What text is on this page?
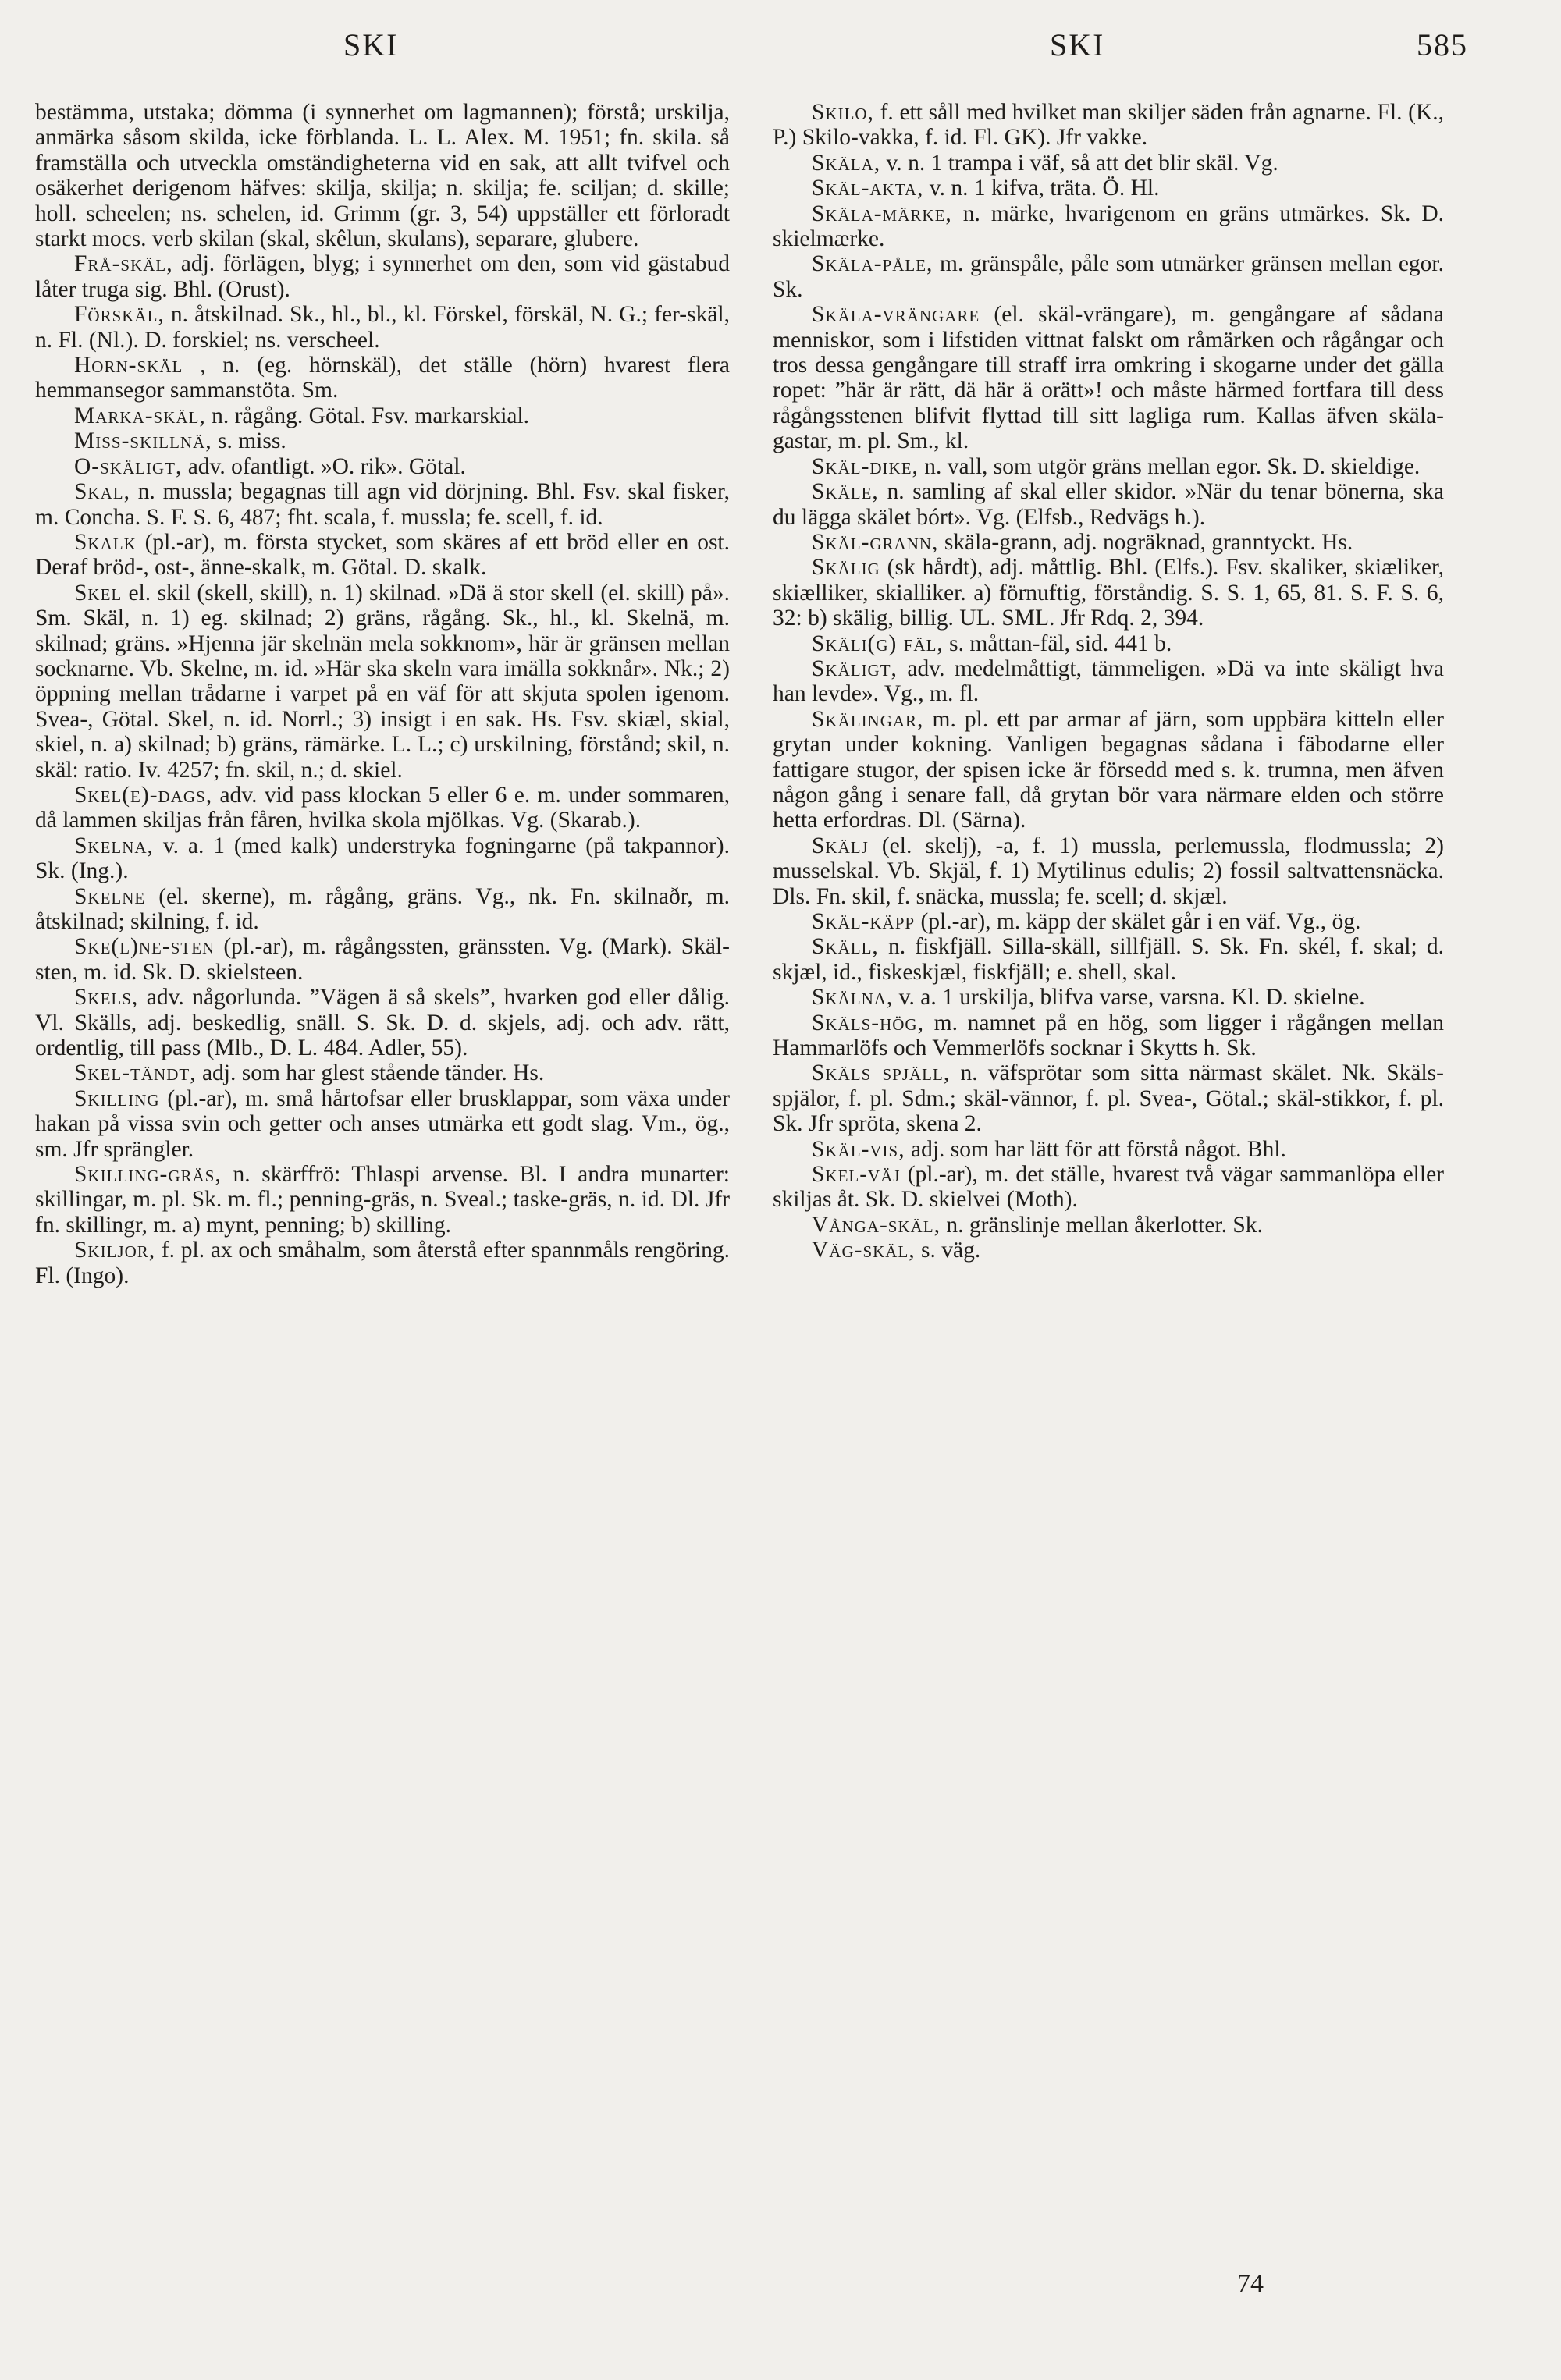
SKI	SKI	585

bestämma, utstaka; dömma (i synnerhet om lagmannen); förstå; urskilja, anmärka såsom skilda, icke förblanda. L. L. Alex. M. 1951; fn. skila. så framställa och utveckla omständigheterna vid en sak, att allt tvifvel och osäkerhet derigenom häfves: skilja, skilja; n. skilja; fe. sciljan; d. skille; holl. scheelen; ns. schelen, id. Grimm (gr. 3, 54) uppställer ett förloradt starkt mocs. verb skilan (skal, skêlun, skulans), separare, glubere.

Frå-skäl, adj. förlägen, blyg; i synnerhet om den, som vid gästabud låter truga sig. Bhl. (Orust).

Förskäl, n. åtskilnad. Sk., hl., bl., kl. Förskel, förskäl, N. G.; fer-skäl, n. Fl. (Nl.). D. forskiel; ns. verscheel.

Horn-skäl , n. (eg. hörnskäl), det ställe (hörn) hvarest flera hemmansegor sammanstöta. Sm.

Marka-skäl, n. rågång. Götal. Fsv. markarskial.

Miss-skillnä, s. miss.

O-skäligt, adv. ofantligt. »O. rik». Götal.

Skal, n. mussla; begagnas till agn vid dörjning. Bhl. Fsv. skal fisker, m. Concha. S. F. S. 6, 487; fht. scala, f. mussla; fe. scell, f. id.

Skalk (pl.-ar), m. första stycket, som skäres af ett bröd eller en ost. Deraf bröd-, ost-, änne-skalk, m. Götal. D. skalk.

Skel el. skil (skell, skill), n. 1) skilnad. »Dä ä stor skell (el. skill) på». Sm. Skäl, n. 1) eg. skilnad; 2) gräns, rågång. Sk., hl., kl. Skelnä, m. skilnad; gräns. »Hjenna jär skelnän mela sokknom», här är gränsen mellan socknarne. Vb. Skelne, m. id. »Här ska skeln vara imälla sokknår». Nk.; 2) öppning mellan trådarne i varpet på en väf för att skjuta spolen igenom. Svea-, Götal. Skel, n. id. Norrl.; 3) insigt i en sak. Hs. Fsv. skiæl, skial, skiel, n. a) skilnad; b) gräns, rämärke. L. L.; c) urskilning, förstånd; skil, n. skäl: ratio. Iv. 4257; fn. skil, n.; d. skiel.

Skel(e)-dags, adv. vid pass klockan 5 eller 6 e. m. under sommaren, då lammen skiljas från fåren, hvilka skola mjölkas. Vg. (Skarab.).

Skelna, v. a. 1 (med kalk) understryka fogningarne (på takpannor). Sk. (Ing.).

Skelne (el. skerne), m. rågång, gräns. Vg., nk. Fn. skilnaðr, m. åtskilnad; skilning, f. id.

Ske(l)ne-sten (pl.-ar), m. rågångssten, gränssten. Vg. (Mark). Skäl-sten, m. id. Sk. D. skielsteen.

Skels, adv. någorlunda. ”Vägen ä så skels”, hvarken god eller dålig. Vl. Skälls, adj. beskedlig, snäll. S. Sk. D. d. skjels, adj. och adv. rätt, ordentlig, till pass (Mlb., D. L. 484. Adler, 55).

Skel-tändt, adj. som har glest stående tänder. Hs.

Skilling (pl.-ar), m. små hårtofsar eller brusklappar, som växa under hakan på vissa svin och getter och anses utmärka ett godt slag. Vm., ög., sm. Jfr sprängler.

Skilling-gräs, n. skärffrö: Thlaspi arvense. Bl. I andra munarter: skillingar, m. pl. Sk. m. fl.; penning-gräs, n. Sveal.; taske-gräs, n. id. Dl. Jfr fn. skillingr, m. a) mynt, penning; b) skilling.

Skiljor, f. pl. ax och småhalm, som återstå efter spannmåls rengöring. Fl. (Ingo).

Skilo, f. ett såll med hvilket man skiljer säden från agnarne. Fl. (K., P.) Skilo-vakka, f. id. Fl. GK). Jfr vakke.

Skäla, v. n. 1 trampa i väf, så att det blir skäl. Vg.

Skäl-akta, v. n. 1 kifva, träta. Ö. Hl.

Skäla-märke, n. märke, hvarigenom en gräns utmärkes. Sk. D. skielmærke.

Skäla-påle, m. gränspåle, påle som utmärker gränsen mellan egor. Sk.

Skäla-vrängare (el. skäl-vrängare), m. gengångare af sådana menniskor, som i lifstiden vittnat falskt om råmärken och rågångar och tros dessa gengångare till straff irra omkring i skogarne under det gälla ropet: ”här är rätt, dä här ä orätt»! och måste härmed fortfara till dess rågångsstenen blifvit flyttad till sitt lagliga rum. Kallas äfven skäla-gastar, m. pl. Sm., kl.

Skäl-dike, n. vall, som utgör gräns mellan egor. Sk. D. skieldige.

Skäle, n. samling af skal eller skidor. »När du tenar bönerna, ska du lägga skälet bórt». Vg. (Elfsb., Redvägs h.).

Skäl-grann, skäla-grann, adj. nogräknad, granntyckt. Hs.

Skälig (sk hårdt), adj. måttlig. Bhl. (Elfs.). Fsv. skaliker, skiæliker, skiælliker, skialliker. a) förnuftig, förståndig. S. S. 1, 65, 81. S. F. S. 6, 32: b) skälig, billig. UL. SML. Jfr Rdq. 2, 394.

Skäli(g) fäl, s. måttan-fäl, sid. 441 b.

Skäligt, adv. medelmåttigt, tämmeligen. »Dä va inte skäligt hva han levde». Vg., m. fl.

Skälingar, m. pl. ett par armar af järn, som uppbära kitteln eller grytan under kokning. Vanligen begagnas sådana i fäbodarne eller fattigare stugor, der spisen icke är försedd med s. k. trumna, men äfven någon gång i senare fall, då grytan bör vara närmare elden och större hetta erfordras. Dl. (Särna).

Skälj (el. skelj), -a, f. 1) mussla, perlemussla, flodmussla; 2) musselskal. Vb. Skjäl, f. 1) Mytilinus edulis; 2) fossil saltvattensnäcka. Dls. Fn. skil, f. snäcka, mussla; fe. scell; d. skjæl.

Skäl-käpp (pl.-ar), m. käpp der skälet går i en väf. Vg., ög.

Skäll, n. fiskfjäll. Silla-skäll, sillfjäll. S. Sk. Fn. skél, f. skal; d. skjæl, id., fiskeskjæl, fiskfjäll; e. shell, skal.

Skälna, v. a. 1 urskilja, blifva varse, varsna. Kl. D. skielne.

Skäls-hög, m. namnet på en hög, som ligger i rågången mellan Hammarlöfs och Vemmerlöfs socknar i Skytts h. Sk.

Skäls spjäll, n. väfsprötar som sitta närmast skälet. Nk. Skäls-spjälor, f. pl. Sdm.; skäl-vännor, f. pl. Svea-, Götal.; skäl-stikkor, f. pl. Sk. Jfr spröta, skena 2.

Skäl-vis, adj. som har lätt för att förstå något. Bhl.

Skel-väj (pl.-ar), m. det ställe, hvarest två vägar sammanlöpa eller skiljas åt. Sk. D. skielvei (Moth).

Vånga-skäl, n. gränslinje mellan åkerlotter. Sk.

Väg-skäl, s. väg.

74
